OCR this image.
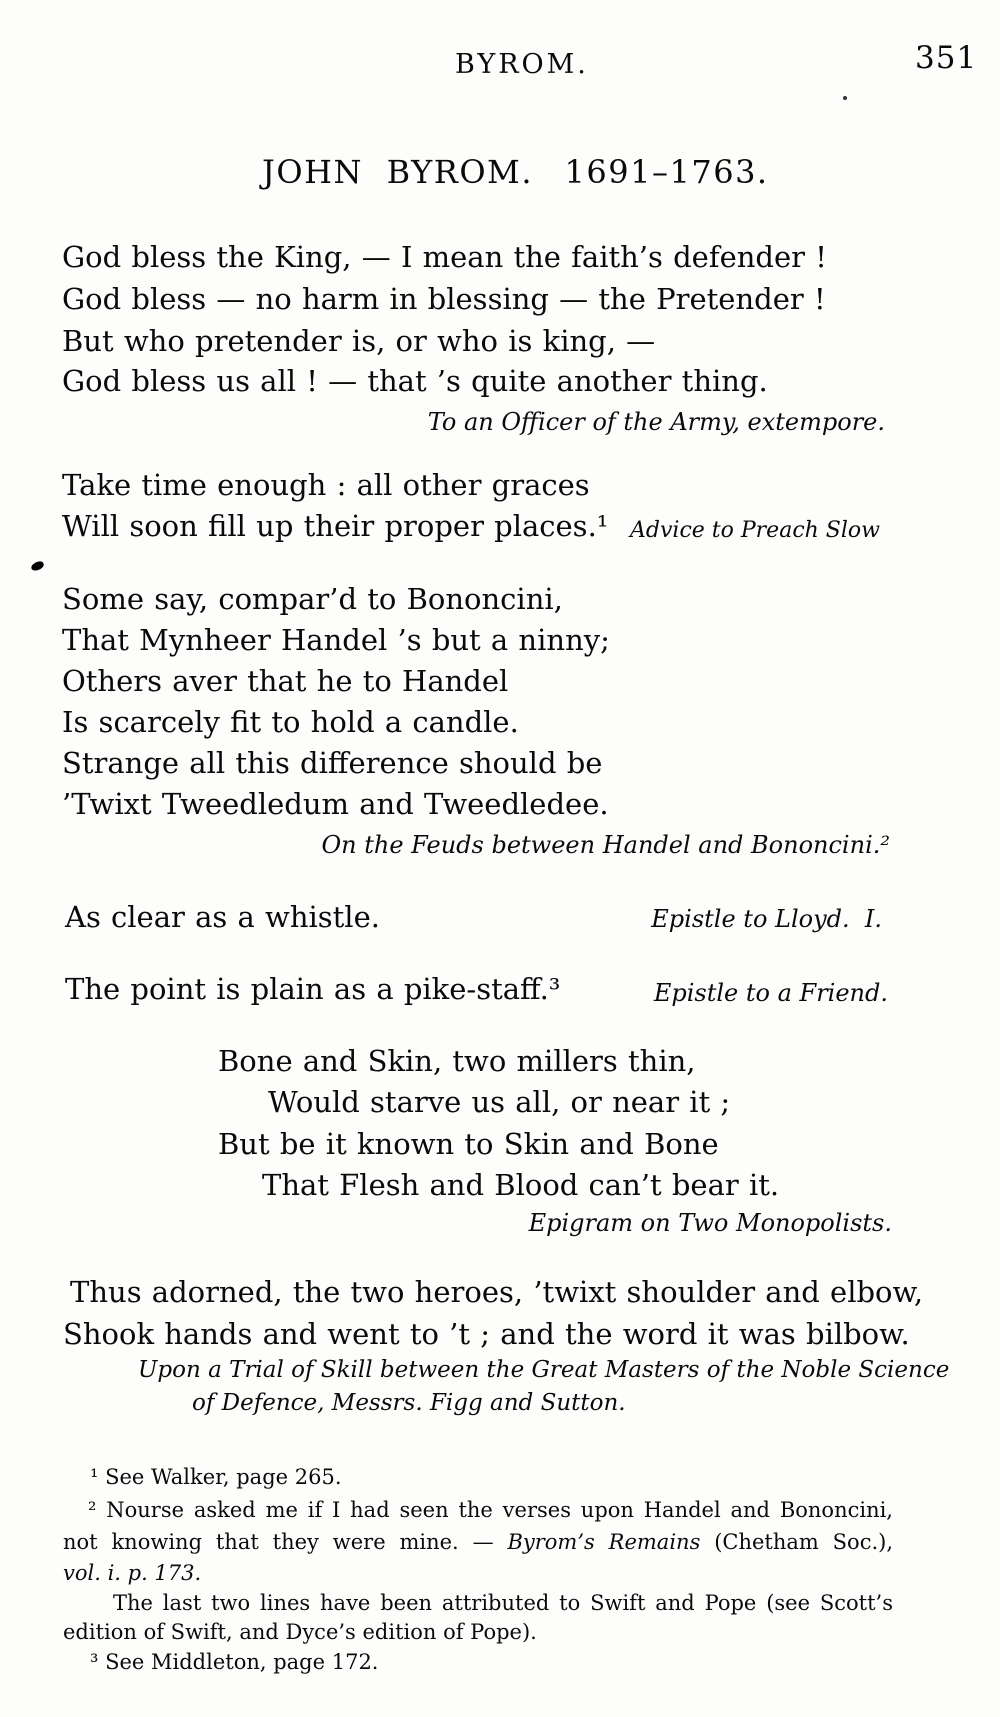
BYROM.	351
JOHN BYROM.  1691–1763.
God bless the King, — I mean the faith’s defender !
God bless — no harm in blessing — the Pretender !
But who pretender is, or who is king, —
God bless us all ! — that ’s quite another thing.
To an Officer of the Army, extempore.
Take time enough : all other graces
Will soon fill up their proper places.¹ Advice to Preach Slow
Some say, compar’d to Bononcini,
That Mynheer Handel ’s but a ninny;
Others aver that he to Handel
Is scarcely fit to hold a candle.
Strange all this difference should be
’Twixt Tweedledum and Tweedledee.
On the Feuds between Handel and Bononcini.²
As clear as a whistle.	Epistle to Lloyd.  I.
The point is plain as a pike-staff.³	Epistle to a Friend.
Bone and Skin, two millers thin,
Would starve us all, or near it ;
But be it known to Skin and Bone
That Flesh and Blood can’t bear it.
Epigram on Two Monopolists.
Thus adorned, the two heroes, ’twixt shoulder and elbow,
Shook hands and went to ’t ; and the word it was bilbow.
Upon a Trial of Skill between the Great Masters of the Noble Science
of Defence, Messrs. Figg and Sutton.
¹ See Walker, page 265.
² Nourse asked me if I had seen the verses upon Handel and Bononcini,
not knowing that they were mine. — Byrom’s Remains (Chetham Soc.),
vol. i. p. 173.
The last two lines have been attributed to Swift and Pope (see Scott’s
edition of Swift, and Dyce’s edition of Pope).
³ See Middleton, page 172.
